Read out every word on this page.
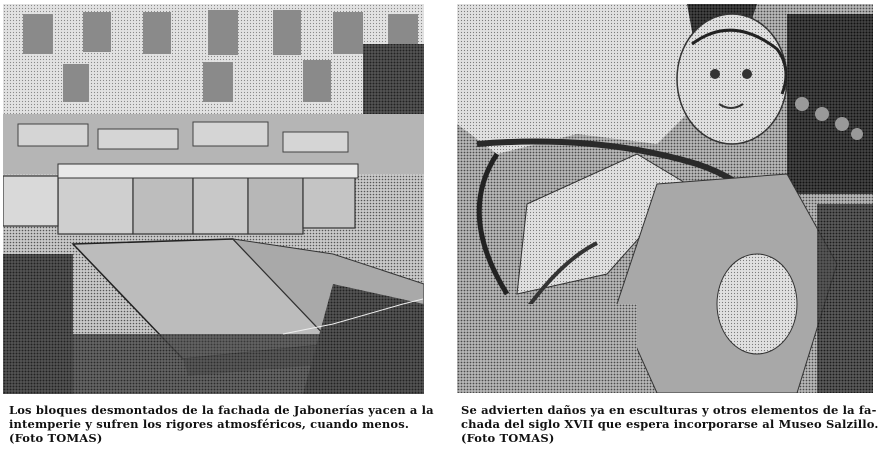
Los bloques desmontados de la fachada de Jabonerías yacen a la
intemperie y sufren los rigores atmosféricos, cuando menos.
(Foto TOMAS)
Se advierten daños ya en esculturas y otros elementos de la fa-
chada del siglo XVII que espera incorporarse al Museo Salzillo.
(Foto TOMAS)
